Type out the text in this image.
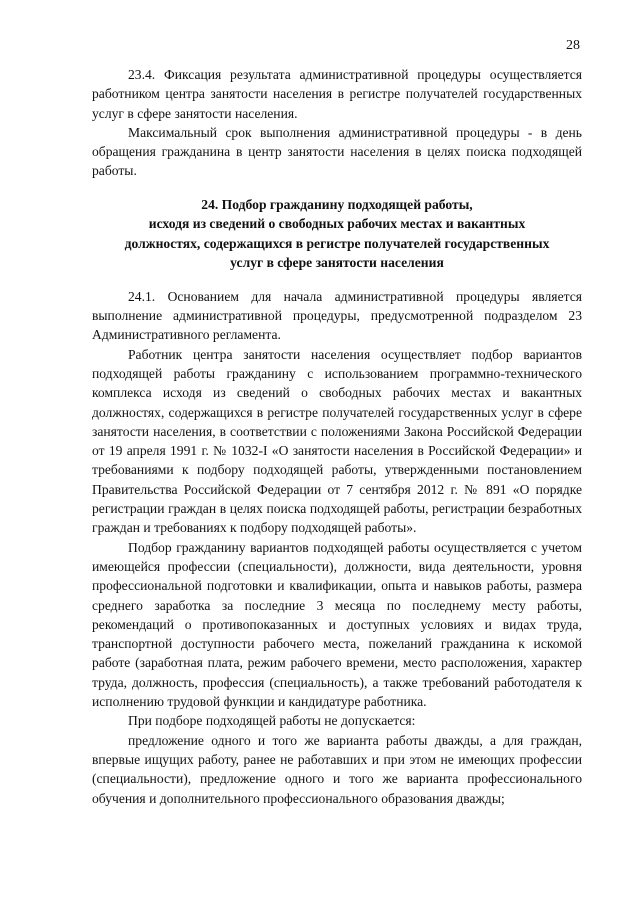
28

23.4. Фиксация результата административной процедуры осуществляется работником центра занятости населения в регистре получателей государственных услуг в сфере занятости населения.

Максимальный срок выполнения административной процедуры - в день обращения гражданина в центр занятости населения в целях поиска подходящей работы.

24. Подбор гражданину подходящей работы,
исходя из сведений о свободных рабочих местах и вакантных
должностях, содержащихся в регистре получателей государственных
услуг в сфере занятости населения

24.1. Основанием для начала административной процедуры является выполнение административной процедуры, предусмотренной подразделом 23 Административного регламента.

Работник центра занятости населения осуществляет подбор вариантов подходящей работы гражданину с использованием программно-технического комплекса исходя из сведений о свободных рабочих местах и вакантных должностях, содержащихся в регистре получателей государственных услуг в сфере занятости населения, в соответствии с положениями Закона Российской Федерации от 19 апреля 1991 г. № 1032-I «О занятости населения в Российской Федерации» и требованиями к подбору подходящей работы, утвержденными постановлением Правительства Российской Федерации от 7 сентября 2012 г. № 891 «О порядке регистрации граждан в целях поиска подходящей работы, регистрации безработных граждан и требованиях к подбору подходящей работы».

Подбор гражданину вариантов подходящей работы осуществляется с учетом имеющейся профессии (специальности), должности, вида деятельности, уровня профессиональной подготовки и квалификации, опыта и навыков работы, размера среднего заработка за последние 3 месяца по последнему месту работы, рекомендаций о противопоказанных и доступных условиях и видах труда, транспортной доступности рабочего места, пожеланий гражданина к искомой работе (заработная плата, режим рабочего времени, место расположения, характер труда, должность, профессия (специальность), а также требований работодателя к исполнению трудовой функции и кандидатуре работника.

При подборе подходящей работы не допускается:

предложение одного и того же варианта работы дважды, а для граждан, впервые ищущих работу, ранее не работавших и при этом не имеющих профессии (специальности), предложение одного и того же варианта профессионального обучения и дополнительного профессионального образования дважды;
